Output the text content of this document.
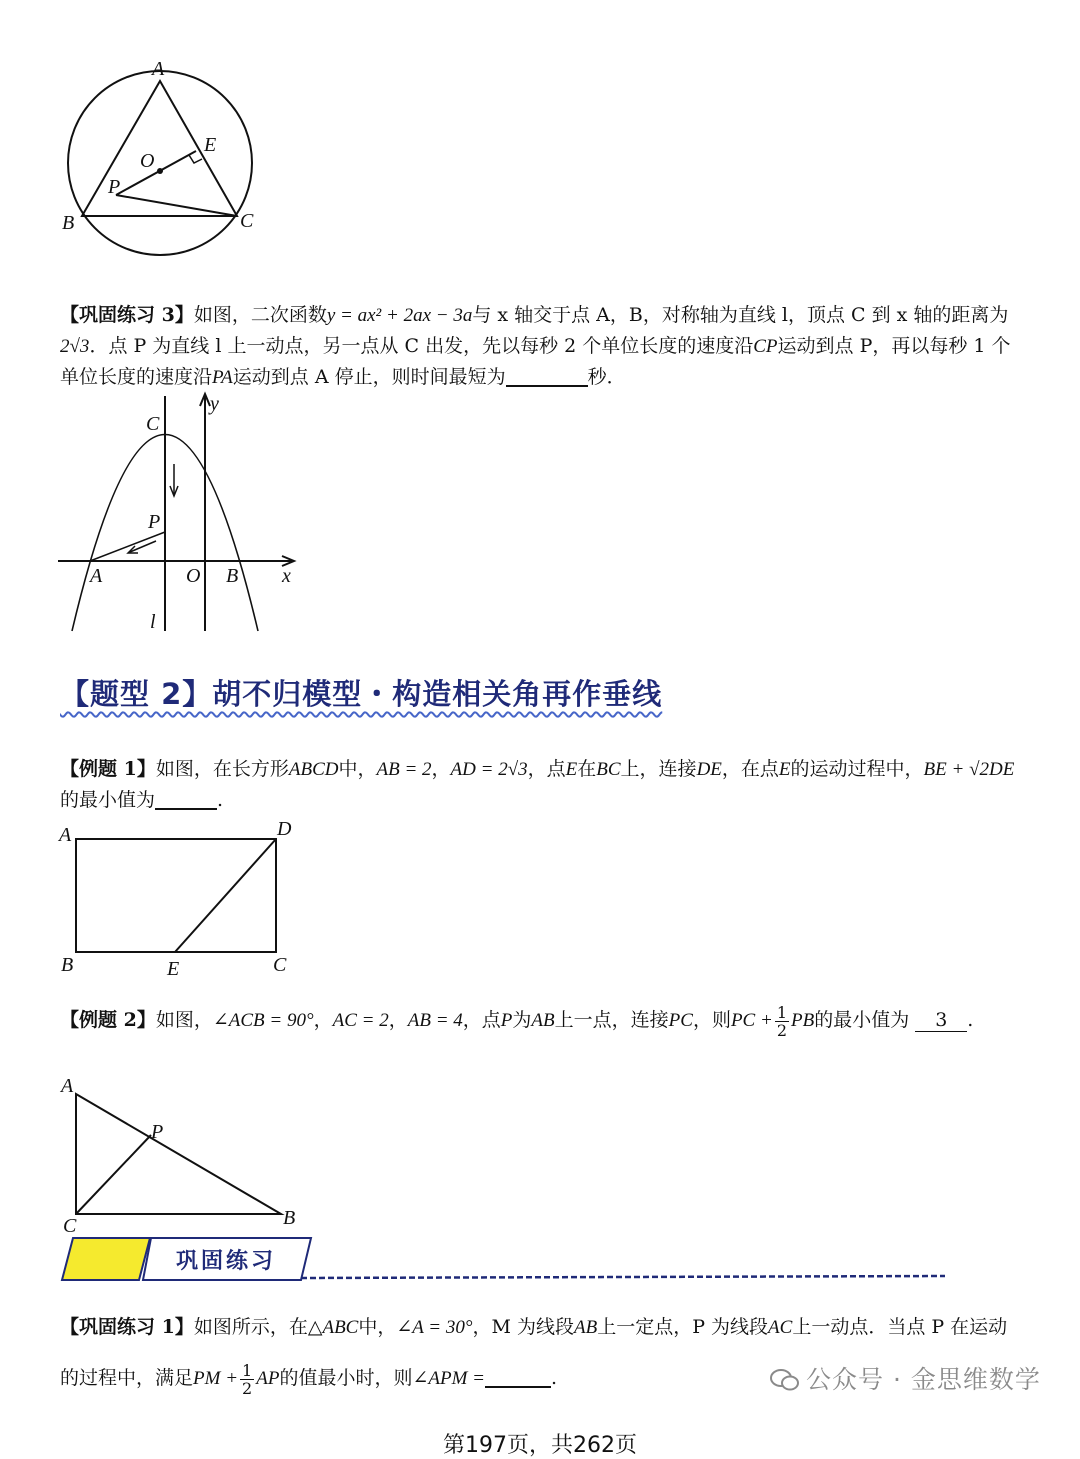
A
B	C
E
O
P
【巩固练习 3】如图，二次函数y = ax² + 2ax − 3a与 x 轴交于点 A，B，对称轴为直线 l，顶点 C 到 x 轴的距离为2√3．点 P 为直线 l 上一动点，另一点从 C 出发，先以每秒 2 个单位长度的速度沿CP运动到点 P，再以每秒 1 个单位长度的速度沿PA运动到点 A 停止，则时间最短为	秒．
C
P
A	O B x
y
l
【题型 2】胡不归模型・构造相关角再作垂线
【例题 1】如图，在长方形ABCD中，AB = 2，AD = 2√3，点E在BC上，连接DE，在点E的运动过程中，BE + √2DE的最小值为	.
A	D
B	E	C
【例题 2】如图，∠ACB = 90°，AC = 2，AB = 4，点P为AB上一点，连接PC，则PC + $\frac{1}{2}$ PB的最小值为 3 .
A
P
C	B
巩固练习
【巩固练习 1】如图所示，在△ABC中，∠A = 30°，M 为线段AB上一定点，P 为线段AC上一动点．当点 P 在运动的过程中，满足PM + $\frac{1}{2}$ AP的值最小时，则∠APM =	.	公众号 · 金思维数学
第197页，共262页
